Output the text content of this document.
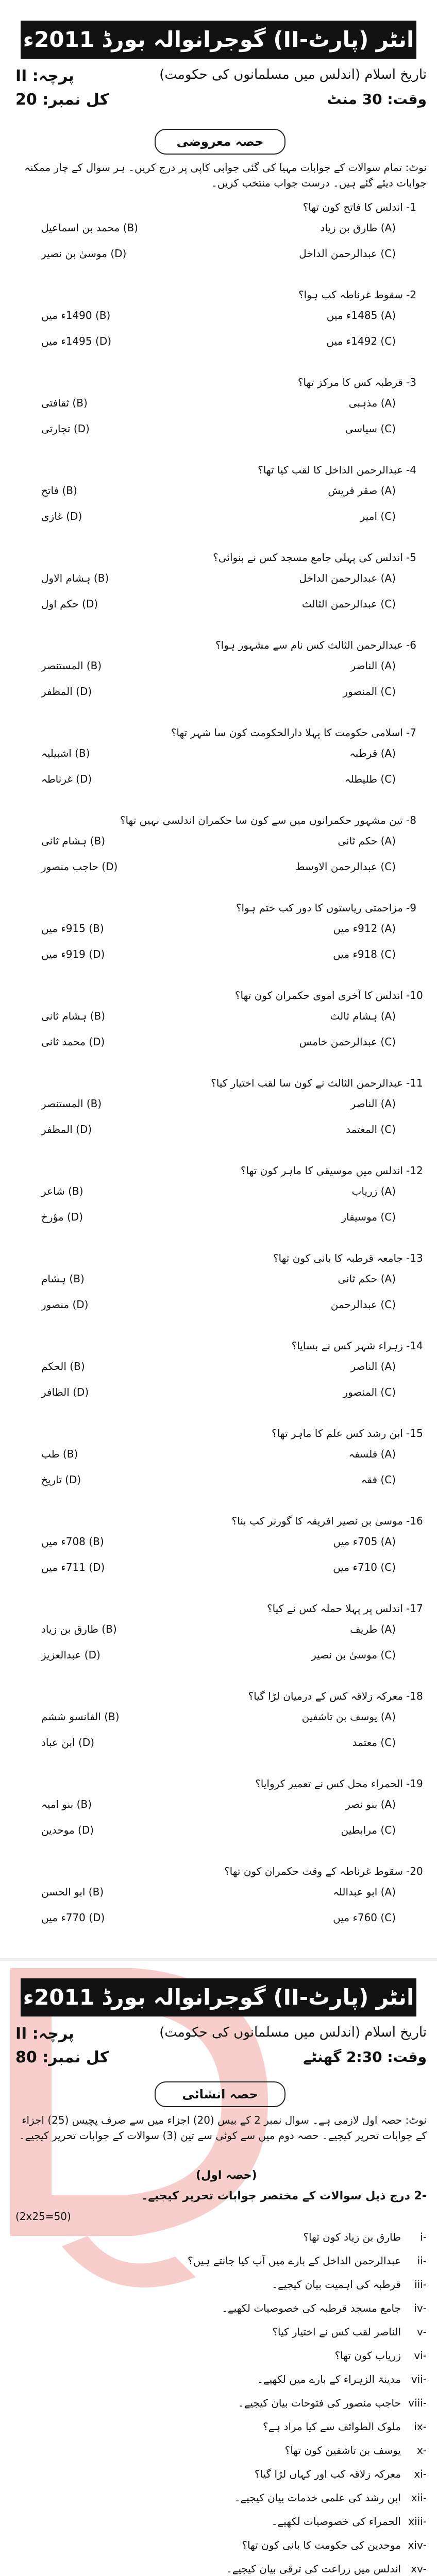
انٹر (پارٹ-II) گوجرانوالہ بورڈ 2011ء
تاریخ اسلام (اندلس میں مسلمانوں کی حکومت)
وقت: 30 منٹ
پرچہ: II
کل نمبر: 20
حصہ معروضی
نوٹ: تمام سوالات کے جوابات مہیا کی گئی جوابی کاپی پر درج کریں۔ ہر سوال کے چار ممکنہ جوابات دیئے گئے ہیں۔ درست جواب منتخب کریں۔
-1
اندلس کا فاتح کون تھا؟
(A) طارق بن زیاد
(B) محمد بن اسماعیل
(C) عبدالرحمن الداخل
(D) موسیٰ بن نصیر
-2
سقوط غرناطہ کب ہوا؟
(A) 1485ء میں
(B) 1490ء میں
(C) 1492ء میں
(D) 1495ء میں
-3
قرطبہ کس کا مرکز تھا؟
(A) مذہبی
(B) ثقافتی
(C) سیاسی
(D) تجارتی
-4
عبدالرحمن الداخل کا لقب کیا تھا؟
(A) صقر قریش
(B) فاتح
(C) امیر
(D) غازی
-5
اندلس کی پہلی جامع مسجد کس نے بنوائی؟
(A) عبدالرحمن الداخل
(B) ہشام الاول
(C) عبدالرحمن الثالث
(D) حکم اول
-6
عبدالرحمن الثالث کس نام سے مشہور ہوا؟
(A) الناصر
(B) المستنصر
(C) المنصور
(D) المظفر
-7
اسلامی حکومت کا پہلا دارالحکومت کون سا شہر تھا؟
(A) قرطبہ
(B) اشبیلیہ
(C) طلیطلہ
(D) غرناطہ
-8
تین مشہور حکمرانوں میں سے کون سا حکمران اندلسی نہیں تھا؟
(A) حکم ثانی
(B) ہشام ثانی
(C) عبدالرحمن الاوسط
(D) حاجب منصور
-9
مزاحمتی ریاستوں کا دور کب ختم ہوا؟
(A) 912ء میں
(B) 915ء میں
(C) 918ء میں
(D) 919ء میں
-10
اندلس کا آخری اموی حکمران کون تھا؟
(A) ہشام ثالث
(B) ہشام ثانی
(C) عبدالرحمن خامس
(D) محمد ثانی
-11
عبدالرحمن الثالث نے کون سا لقب اختیار کیا؟
(A) الناصر
(B) المستنصر
(C) المعتمد
(D) المظفر
-12
اندلس میں موسیقی کا ماہر کون تھا؟
(A) زریاب
(B) شاعر
(C) موسیقار
(D) مؤرخ
-13
جامعہ قرطبہ کا بانی کون تھا؟
(A) حکم ثانی
(B) ہشام
(C) عبدالرحمن
(D) منصور
-14
زہراء شہر کس نے بسایا؟
(A) الناصر
(B) الحکم
(C) المنصور
(D) الظافر
-15
ابن رشد کس علم کا ماہر تھا؟
(A) فلسفہ
(B) طب
(C) فقہ
(D) تاریخ
-16
موسیٰ بن نصیر افریقہ کا گورنر کب بنا؟
(A) 705ء میں
(B) 708ء میں
(C) 710ء میں
(D) 711ء میں
-17
اندلس پر پہلا حملہ کس نے کیا؟
(A) طریف
(B) طارق بن زیاد
(C) موسیٰ بن نصیر
(D) عبدالعزیز
-18
معرکہ زلاقہ کس کے درمیان لڑا گیا؟
(A) یوسف بن تاشفین
(B) الفانسو ششم
(C) معتمد
(D) ابن عباد
-19
الحمراء محل کس نے تعمیر کروایا؟
(A) بنو نصر
(B) بنو امیہ
(C) مرابطین
(D) موحدین
-20
سقوط غرناطہ کے وقت حکمران کون تھا؟
(A) ابو عبداللہ
(B) ابو الحسن
(C) 760ء میں
(D) 770ء میں
انٹر (پارٹ-II) گوجرانوالہ بورڈ 2011ء
تاریخ اسلام (اندلس میں مسلمانوں کی حکومت)
وقت: 2:30 گھنٹے
پرچہ: II
کل نمبر: 80
حصہ انشائی
نوٹ: حصہ اول لازمی ہے۔ سوال نمبر 2 کے بیس (20) اجزاء میں سے صرف پچیس (25) اجزاء کے جوابات تحریر کیجیے۔ حصہ دوم میں سے کوئی سے تین (3) سوالات کے جوابات تحریر کیجیے۔
(حصہ اول)
-2 درج ذیل سوالات کے مختصر جوابات تحریر کیجیے۔
(2x25=50)
-i
طارق بن زیاد کون تھا؟
-ii
عبدالرحمن الداخل کے بارے میں آپ کیا جانتے ہیں؟
-iii
قرطبہ کی اہمیت بیان کیجیے۔
-iv
جامع مسجد قرطبہ کی خصوصیات لکھیے۔
-v
الناصر لقب کس نے اختیار کیا؟
-vi
زریاب کون تھا؟
-vii
مدینۃ الزہراء کے بارے میں لکھیے۔
-viii
حاجب منصور کی فتوحات بیان کیجیے۔
-ix
ملوک الطوائف سے کیا مراد ہے؟
-x
یوسف بن تاشفین کون تھا؟
-xi
معرکہ زلاقہ کب اور کہاں لڑا گیا؟
-xii
ابن رشد کی علمی خدمات بیان کیجیے۔
-xiii
الحمراء کی خصوصیات لکھیے۔
-xiv
موحدین کی حکومت کا بانی کون تھا؟
-xv
اندلس میں زراعت کی ترقی بیان کیجیے۔
